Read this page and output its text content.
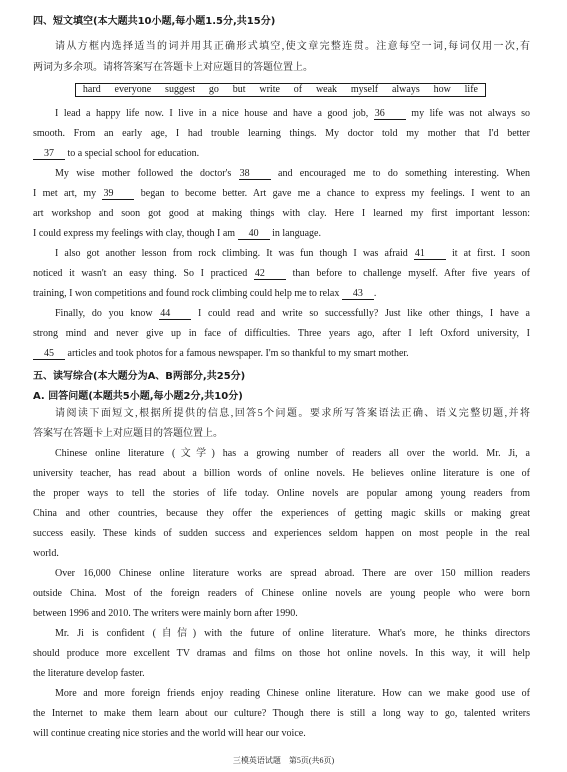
四、短文填空(本大题共10小题,每小题1.5分,共15分)
请从方框内选择适当的词并用其正确形式填空,使文章完整连贯。注意每空一词,每词仅用一次,有
两词为多余项。请将答案写在答题卡上对应题目的答题位置上。
hard everyone suggest go but write of weak myself always how life
I lead a happy life now. I live in a nice house and have a good job, 36	my life was not always so
smooth. From an early age, I had trouble learning things. My doctor told my mother that I'd better
37 to a special school for education.
My wise mother followed the doctor's 38	and encouraged me to do something interesting. When
I met art, my 39	began to become better. Art gave me a chance to express my feelings. I went to an
art workshop and soon got good at making things with clay. Here I learned my first important lesson:
I could express my feelings with clay, though I am 40 in language.
I also got another lesson from rock climbing. It was fun though I was afraid 41	it at first. I soon
noticed it wasn't an easy thing. So I practiced 42	than before to challenge myself. After five years of
training, I won competitions and found rock climbing could help me to relax 43 .
Finally, do you know 44	I could read and write so successfully? Just like other things, I have a
strong mind and never give up in face of difficulties. Three years ago, after I left Oxford university, I
45 articles and took photos for a famous newspaper. I'm so thankful to my smart mother.
五、读写综合(本大题分为A、B两部分,共25分)
A. 回答问题(本题共5小题,每小题2分,共10分)
请阅读下面短文,根据所提供的信息,回答5个问题。要求所写答案语法正确、语义完整切题,并将
答案写在答题卡上对应题目的答题位置上。
Chinese online literature (文学) has a growing number of readers all over the world. Mr. Ji, a
university teacher, has read about a billion words of online novels. He believes online literature is one of
the proper ways to tell the stories of life today. Online novels are popular among young readers from
China and other countries, because they offer the experiences of getting magic skills or making great
success easily. These kinds of sudden success and experiences seldom happen on most people in the real
world.
Over 16,000 Chinese online literature works are spread abroad. There are over 150 million readers
outside China. Most of the foreign readers of Chinese online novels are young people who were born
between 1996 and 2010. The writers were mainly born after 1990.
Mr. Ji is confident (自信) with the future of online literature. What's more, he thinks directors
should produce more excellent TV dramas and films on those hot online novels. In this way, it will help
the literature develop faster.
More and more foreign friends enjoy reading Chinese online literature. How can we make good use of
the Internet to make them learn about our culture? Though there is still a long way to go, talented writers
will continue creating nice stories and the world will hear our voice.
三模英语试题　第5页(共6页)
